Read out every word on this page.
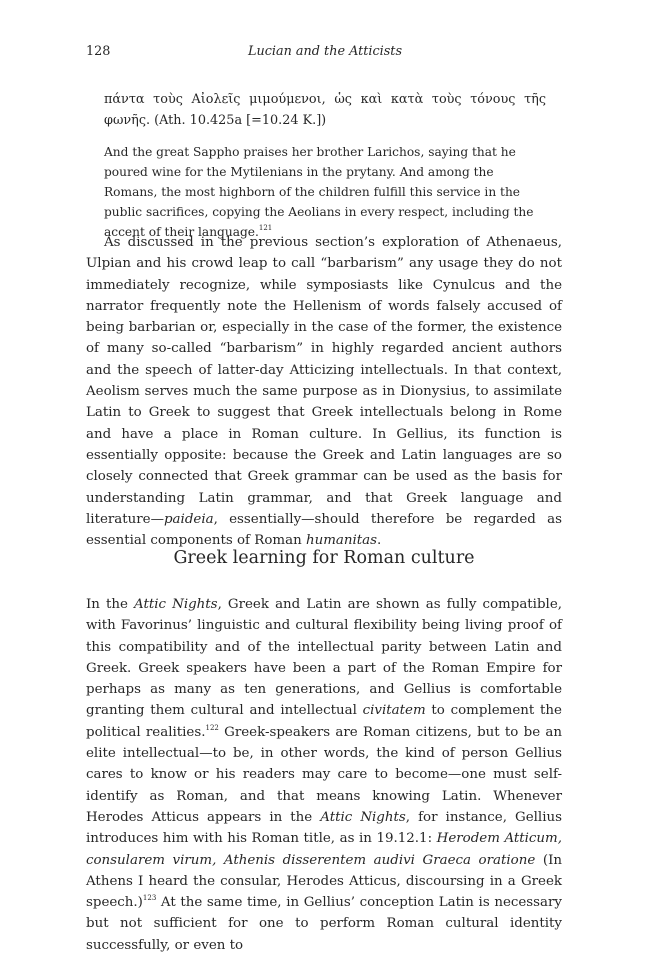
128	Lucian and the Atticists
πάντα τοὺς Αἰολεῖς μιμούμενοι, ὡς καὶ κατὰ τοὺς τόνους τῆς φωνῆς. (Ath. 10.425a [=10.24 K.])
And the great Sappho praises her brother Larichos, saying that he poured wine for the Mytilenians in the prytany. And among the Romans, the most highborn of the children fulfill this service in the public sacrifices, copying the Aeolians in every respect, including the accent of their language.$^{121}$

As discussed in the previous section’s exploration of Athenaeus, Ulpian and his crowd leap to call “barbarism” any usage they do not immediately recognize, while symposiasts like Cynulcus and the narrator frequently note the Hellenism of words falsely accused of being barbarian or, especially in the case of the former, the existence of many so-called “barbarism” in highly regarded ancient authors and the speech of latter-day Atticizing intellectuals. In that context, Aeolism serves much the same purpose as in Dionysius, to assimilate Latin to Greek to suggest that Greek intellectuals belong in Rome and have a place in Roman culture. In Gellius, its function is essentially opposite: because the Greek and Latin languages are so closely connected that Greek grammar can be used as the basis for understanding Latin grammar, and that Greek language and literature—paideia, essentially—should therefore be regarded as essential components of Roman humanitas.

Greek learning for Roman culture

In the Attic Nights, Greek and Latin are shown as fully compatible, with Favorinus’ linguistic and cultural flexibility being living proof of this compatibility and of the intellectual parity between Latin and Greek. Greek speakers have been a part of the Roman Empire for perhaps as many as ten generations, and Gellius is comfortable granting them cultural and intellectual civitatem to complement the political realities.$^{122}$ Greek-speakers are Roman citizens, but to be an elite intellectual—to be, in other words, the kind of person Gellius cares to know or his readers may care to become—one must self-identify as Roman, and that means knowing Latin. Whenever Herodes Atticus appears in the Attic Nights, for instance, Gellius introduces him with his Roman title, as in 19.12.1: Herodem Atticum, consularem virum, Athenis disserentem audivi Graeca oratione (In Athens I heard the consular, Herodes Atticus, discoursing in a Greek speech.)$^{123}$ At the same time, in Gellius’ conception Latin is necessary but not sufficient for one to perform Roman cultural identity successfully, or even to
